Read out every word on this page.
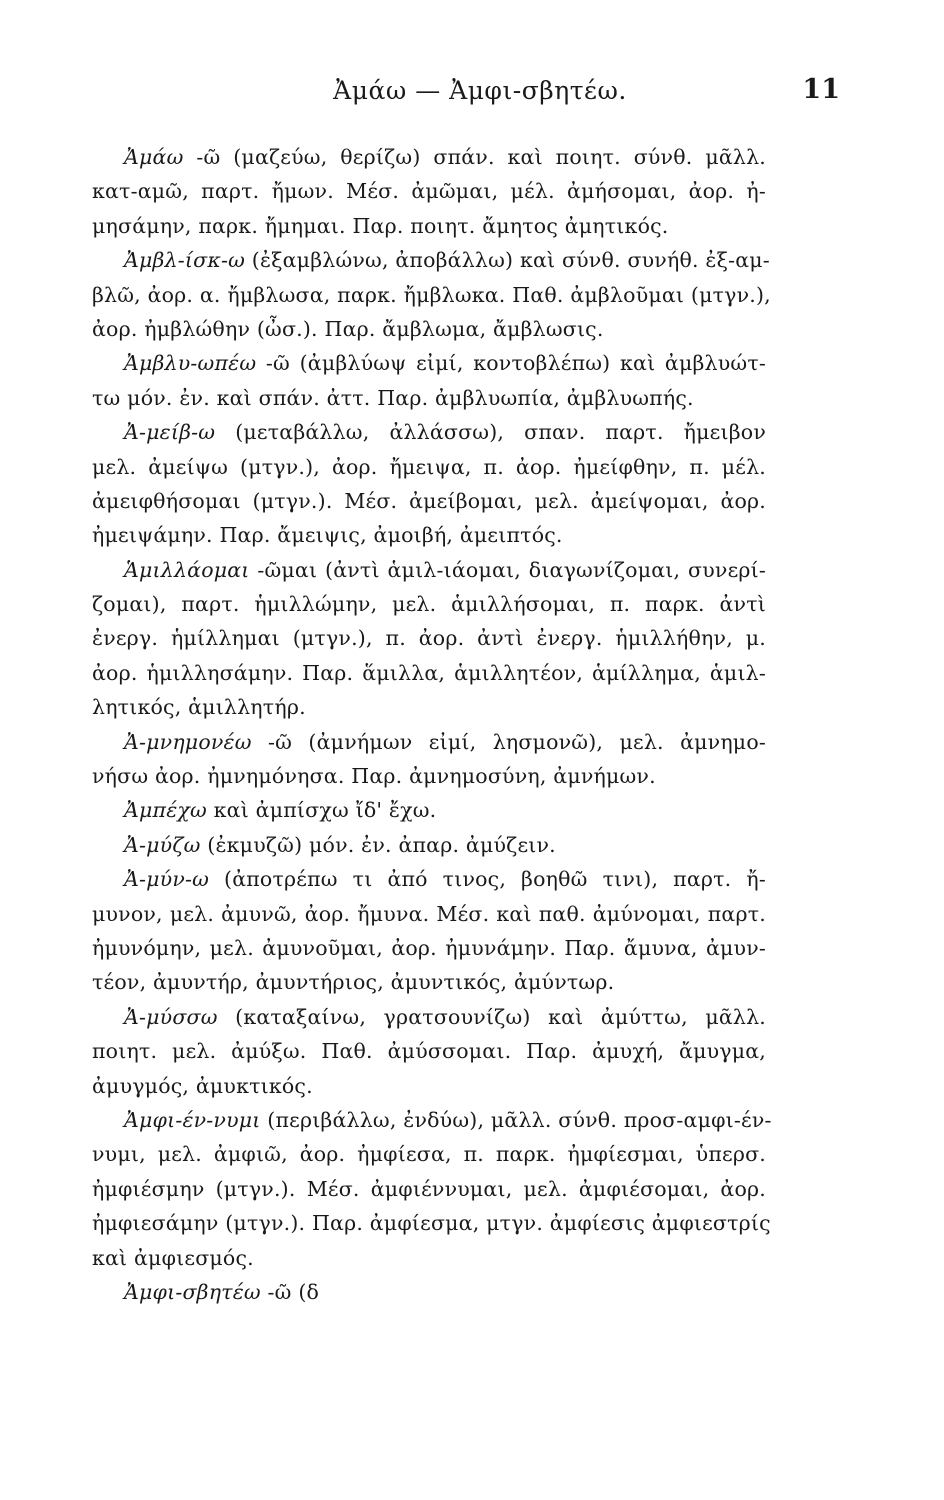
Ἀμάω — Ἀμφι-σβητέω.	11
Ἀμάω -ῶ (μαζεύω, θερίζω) σπάν. καὶ ποιητ. σύνθ. μᾶλλ.
κατ-αμῶ, παρτ. ἤμων. Μέσ. ἀμῶμαι, μέλ. ἀμήσομαι, ἀορ. ἠ-
μησάμην, παρκ. ἤμημαι. Παρ. ποιητ. ἄμητος ἀμητικός.
Ἀμβλ-ίσκ-ω (ἐξαμβλώνω, ἀποβάλλω) καὶ σύνθ. συνήθ. ἐξ-αμ-
βλῶ, ἀορ. α. ἤμβλωσα, παρκ. ἤμβλωκα. Παθ. ἀμβλοῦμαι (μτγν.),
ἀορ. ἠμβλώθην (ὦσ.). Παρ. ἄμβλωμα, ἄμβλωσις.
Ἀμβλυ-ωπέω -ῶ (ἀμβλύωψ εἰμί, κοντοβλέπω) καὶ ἀμβλυώτ-
τω μόν. ἐν. καὶ σπάν. ἀττ. Παρ. ἀμβλυωπία, ἀμβλυωπής.
Ἀ-μείβ-ω (μεταβάλλω, ἀλλάσσω), σπαν. παρτ. ἤμειβον
μελ. ἀμείψω (μτγν.), ἀορ. ἤμειψα, π. ἀορ. ἠμείφθην, π. μέλ.
ἀμειφθήσομαι (μτγν.). Μέσ. ἀμείβομαι, μελ. ἀμείψομαι, ἀορ.
ἠμειψάμην. Παρ. ἄμειψις, ἀμοιβή, ἀμειπτός.
Ἁμιλλάομαι -ῶμαι (ἀντὶ ἁμιλ-ιάομαι, διαγωνίζομαι, συνερί-
ζομαι), παρτ. ἡμιλλώμην, μελ. ἁμιλλήσομαι, π. παρκ. ἀντὶ
ἐνεργ. ἡμίλλημαι (μτγν.), π. ἀορ. ἀντὶ ἐνεργ. ἡμιλλήθην, μ.
ἀορ. ἡμιλλησάμην. Παρ. ἅμιλλα, ἁμιλλητέον, ἁμίλλημα, ἁμιλ-
λητικός, ἁμιλλητήρ.
Ἀ-μνημονέω -ῶ (ἀμνήμων εἰμί, λησμονῶ), μελ. ἀμνημο-
νήσω ἀορ. ἠμνημόνησα. Παρ. ἀμνημοσύνη, ἀμνήμων.
Ἀμπέχω καὶ ἀμπίσχω ἴδ' ἔχω.
Ἀ-μύζω (ἐκμυζῶ) μόν. ἐν. ἀπαρ. ἀμύζειν.
Ἀ-μύν-ω (ἀποτρέπω τι ἀπό τινος, βοηθῶ τινι), παρτ. ἤ-
μυνον, μελ. ἀμυνῶ, ἀορ. ἤμυνα. Μέσ. καὶ παθ. ἀμύνομαι, παρτ.
ἠμυνόμην, μελ. ἀμυνοῦμαι, ἀορ. ἠμυνάμην. Παρ. ἄμυνα, ἀμυν-
τέον, ἀμυντήρ, ἀμυντήριος, ἀμυντικός, ἀμύντωρ.
Ἀ-μύσσω (καταξαίνω, γρατσουνίζω) καὶ ἀμύττω, μᾶλλ.
ποιητ. μελ. ἀμύξω. Παθ. ἀμύσσομαι. Παρ. ἀμυχή, ἄμυγμα,
ἀμυγμός, ἀμυκτικός.
Ἀμφι-έν-νυμι (περιβάλλω, ἐνδύω), μᾶλλ. σύνθ. προσ-αμφι-έν-
νυμι, μελ. ἀμφιῶ, ἀορ. ἠμφίεσα, π. παρκ. ἠμφίεσμαι, ὑπερσ.
ἠμφιέσμην (μτγν.). Μέσ. ἀμφιέννυμαι, μελ. ἀμφιέσομαι, ἀορ.
ἠμφιεσάμην (μτγν.). Παρ. ἀμφίεσμα, μτγν. ἀμφίεσις ἀμφιεστρίς
καὶ ἀμφιεσμός.
Ἀμφι-σβητέω -ῶ (δ
